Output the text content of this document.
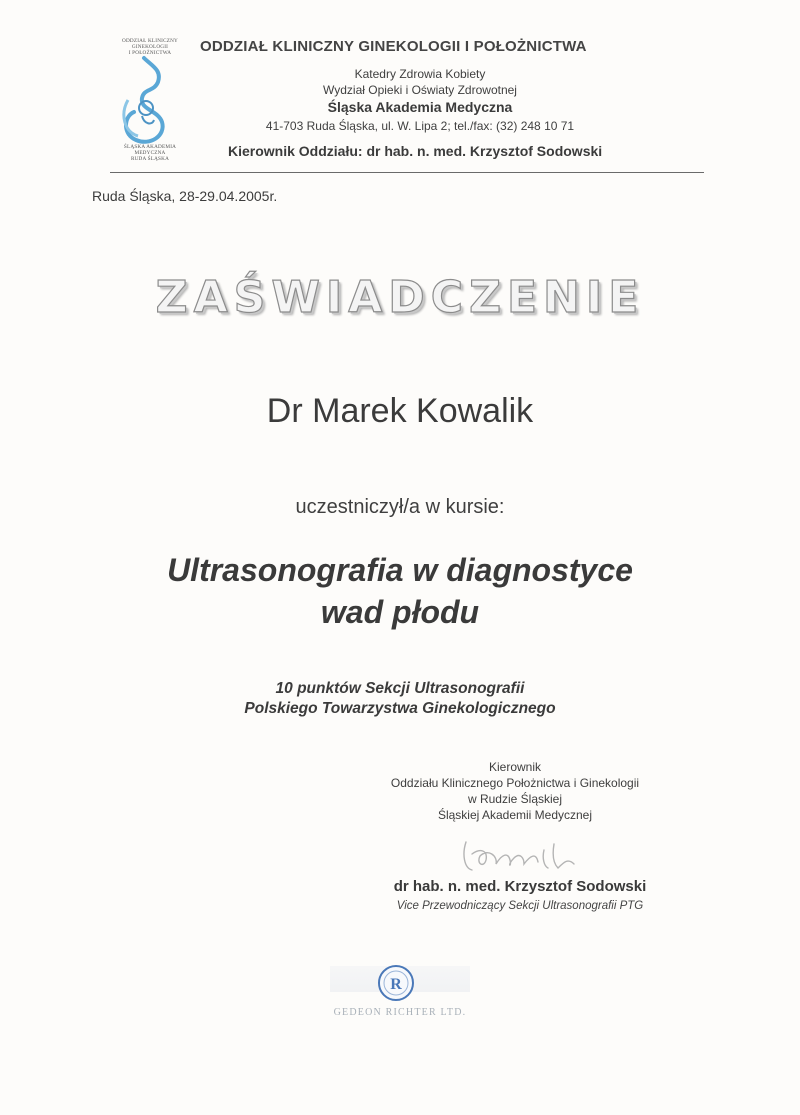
ODDZIAŁ KLINICZNY
GINEKOLOGII
I POŁOŻNICTWA
ŚLĄSKA AKADEMIA MEDYCZNA
RUDA ŚLĄSKA
ODDZIAŁ KLINICZNY GINEKOLOGII I POŁOŻNICTWA
Katedry Zdrowia Kobiety
Wydział Opieki i Oświaty Zdrowotnej
Śląska Akademia Medyczna
41-703 Ruda Śląska, ul. W. Lipa 2; tel./fax: (32) 248 10 71
Kierownik Oddziału: dr hab. n. med. Krzysztof Sodowski
Ruda Śląska, 28-29.04.2005r.
ZAŚWIADCZENIE
Dr Marek Kowalik
uczestniczył/a w kursie:
Ultrasonografia w diagnostyce
wad płodu
10 punktów Sekcji Ultrasonografii
Polskiego Towarzystwa Ginekologicznego
Kierownik
Oddziału Klinicznego Położnictwa i Ginekologii
w Rudzie Śląskiej
Śląskiej Akademii Medycznej
dr hab. n. med. Krzysztof Sodowski
Vice Przewodniczący Sekcji Ultrasonografii PTG
R
GEDEON RICHTER LTD.
